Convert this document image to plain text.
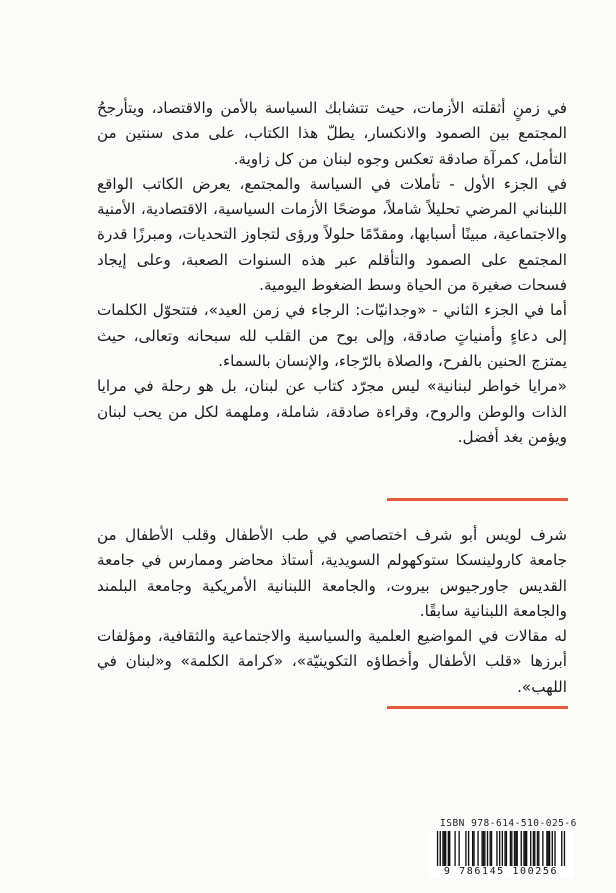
في زمنٍ أثقلته الأزمات، حيث تتشابك السياسة بالأمن والاقتصاد، ويتأرجحُ المجتمع بين الصمود والانكسار، يطلّ هذا الكتاب، على مدى سنتين من التأمل، كمرآة صادقة تعكس وجوه لبنان من كل زاوية.

في الجزء الأول - تأملات في السياسة والمجتمع، يعرض الكاتب الواقع اللبناني المرضي تحليلاً شاملاً، موضحًا الأزمات السياسية، الاقتصادية، الأمنية والاجتماعية، مبينًا أسبابها، ومقدّمًا حلولاً ورؤى لتجاوز التحديات، ومبرزًا قدرة المجتمع على الصمود والتأقلم عبر هذه السنوات الصعبة، وعلى إيجاد فسحات صغيرة من الحياة وسط الضغوط اليومية.

أما في الجزء الثاني - «وجدانيّات: الرجاء في زمن العيد»، فتتحوّل الكلمات إلى دعاءٍ وأمنياتٍ صادقة، وإلى بوح من القلب لله سبحانه وتعالى، حيث يمتزج الحنين بالفرح، والصلاة بالرّجاء، والإنسان بالسماء.

«مرايا خواطر لبنانية» ليس مجرّد كتاب عن لبنان، بل هو رحلة في مرايا الذات والوطن والروح، وقراءة صادقة، شاملة، وملهمة لكل من يحب لبنان ويؤمن بغد أفضل.

شرف لويس أبو شرف اختصاصي في طب الأطفال وقلب الأطفال من جامعة كارولينسكا ستوكهولم السويدية، أستاذ محاضر وممارس في جامعة القديس جاورجيوس بيروت، والجامعة اللبنانية الأمريكية وجامعة البلمند والجامعة اللبنانية سابقًا.

له مقالات في المواضيع العلمية والسياسية والاجتماعية والثقافية، ومؤلفات أبرزها «قلب الأطفال وأخطاؤه التكوينيّة»، «كرامة الكلمة» و«لبنان في اللهب».

ISBN 978-614-510-025-6
9 786145 100256
